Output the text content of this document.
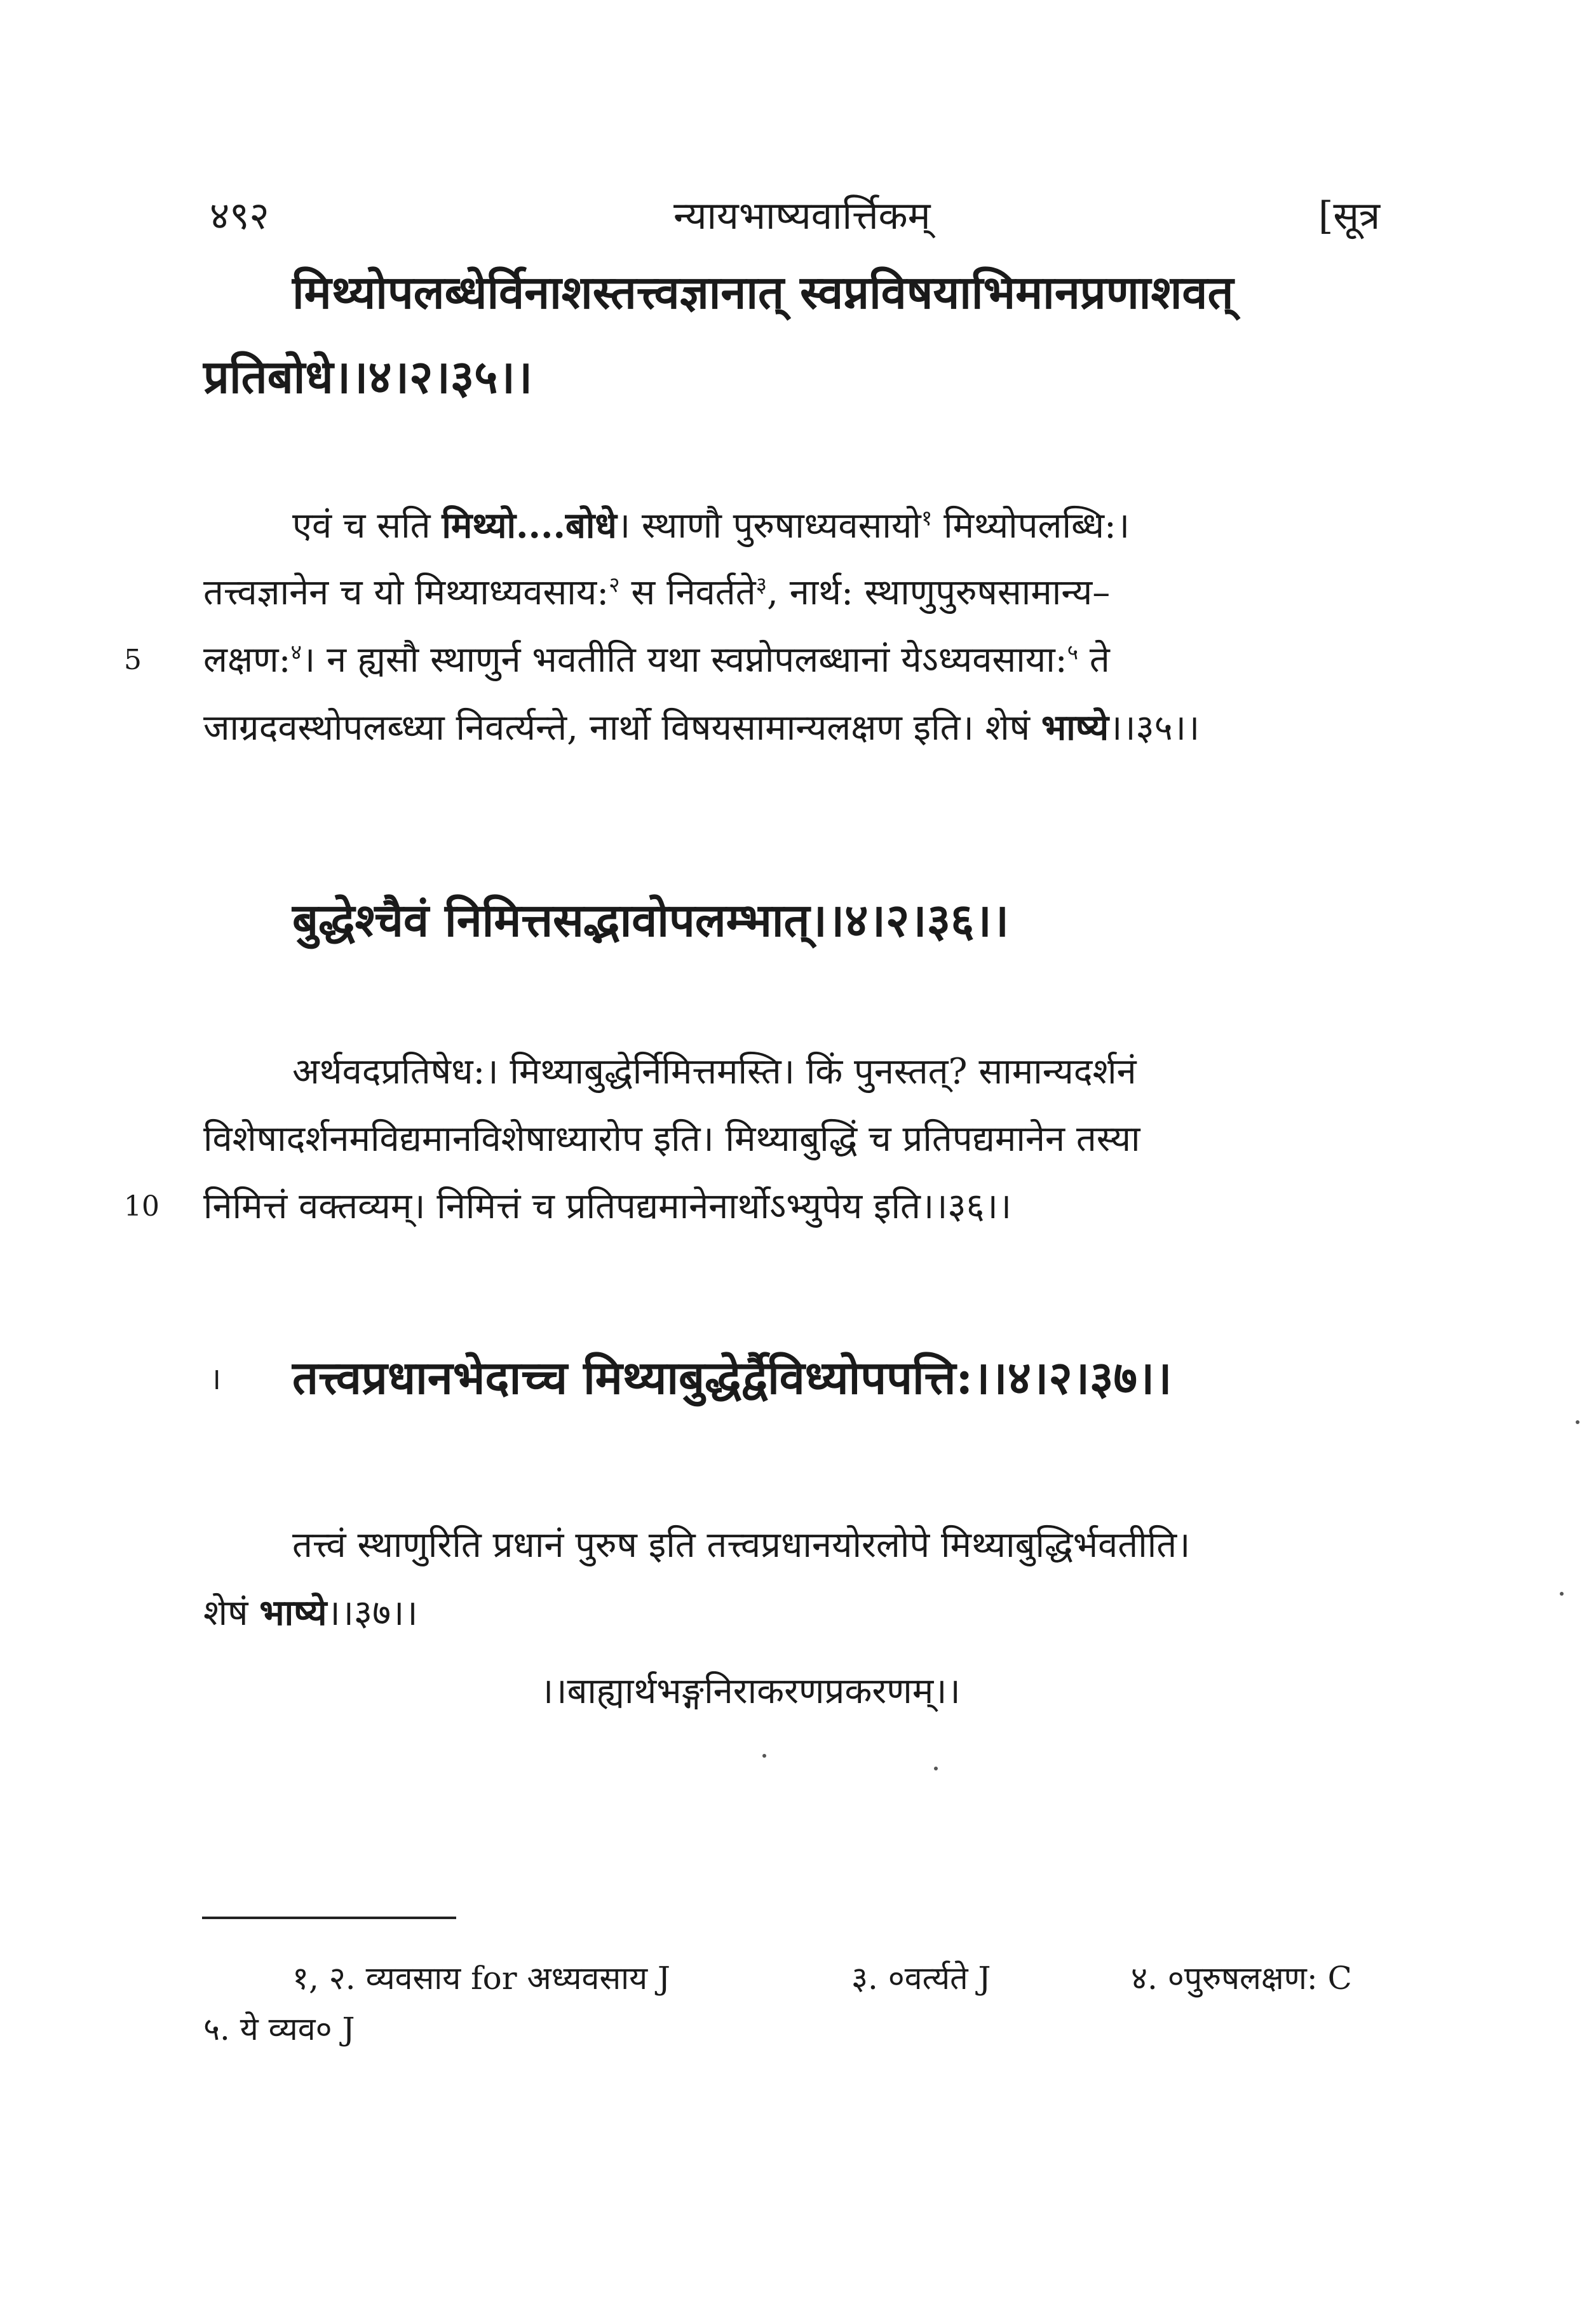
४९२	न्यायभाष्यवार्त्तिकम्	[सूत्र
मिथ्योपलब्धेर्विनाशस्तत्त्वज्ञानात् स्वप्नविषयाभिमानप्रणाशवत्
प्रतिबोधे।।४।२।३५।।
एवं च सति मिथ्यो....बोधे। स्थाणौ पुरुषाध्यवसायो$^१$ मिथ्योपलब्धि:।
तत्त्वज्ञानेन च यो मिथ्याध्यवसाय:$^२$ स निवर्तते$^३$, नार्थ: स्थाणुपुरुषसामान्य–
5 लक्षण:$^४$। न ह्यसौ स्थाणुर्न भवतीति यथा स्वप्नोपलब्धानां येऽध्यवसाया:$^५$ ते
जाग्रदवस्थोपलब्ध्या निवर्त्यन्ते, नार्थो विषयसामान्यलक्षण इति। शेषं भाष्ये।।३५।।
बुद्धेश्चैवं निमित्तसद्भावोपलम्भात्।।४।२।३६।।
अर्थवदप्रतिषेध:। मिथ्याबुद्धेर्निमित्तमस्ति। किं पुनस्तत्? सामान्यदर्शनं
विशेषादर्शनमविद्यमानविशेषाध्यारोप इति। मिथ्याबुद्धिं च प्रतिपद्यमानेन तस्या
10 निमित्तं वक्तव्यम्। निमित्तं च प्रतिपद्यमानेनार्थोऽभ्युपेय इति।।३६।।
। तत्त्वप्रधानभेदाच्च मिथ्याबुद्धेर्द्वैविध्योपपत्ति:।।४।२।३७।।
तत्त्वं स्थाणुरिति प्रधानं पुरुष इति तत्त्वप्रधानयोरलोपे मिथ्याबुद्धिर्भवतीति।
शेषं भाष्ये।।३७।।
।।बाह्यार्थभङ्गनिराकरणप्रकरणम्।।
१, २. व्यवसाय for अध्यवसाय J	३. ०वर्त्यते J	४. ०पुरुषलक्षण: C
५. ये व्यव० J
